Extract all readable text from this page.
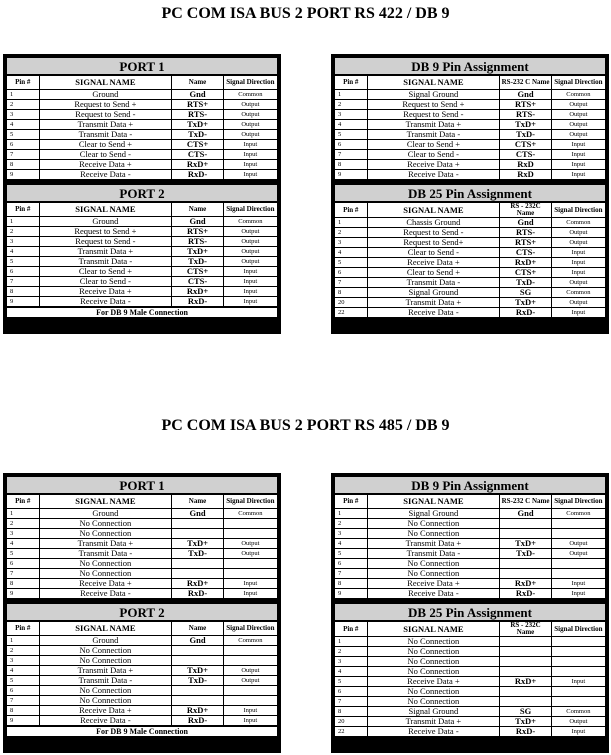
PC COM ISA BUS 2 PORT RS 422 / DB 9
PC COM ISA BUS 2 PORT RS 485 / DB 9
PORT 1
Pin #	SIGNAL NAME	Name	Signal Direction
1	Ground	Gnd	Common
2	Request to Send +	RTS+	Output
3	Request to Send -	RTS-	Output
4	Transmit Data +	TxD+	Output
5	Transmit Data -	TxD-	Output
6	Clear to Send +	CTS+	Input
7	Clear to Send -	CTS-	Input
8	Receive Data +	RxD+	Input
9	Receive Data -	RxD-	Input
PORT 2
Pin #	SIGNAL NAME	Name	Signal Direction
1	Ground	Gnd	Common
2	Request to Send +	RTS+	Output
3	Request to Send -	RTS-	Output
4	Transmit Data +	TxD+	Output
5	Transmit Data -	TxD-	Output
6	Clear to Send +	CTS+	Input
7	Clear to Send -	CTS-	Input
8	Receive Data +	RxD+	Input
9	Receive Data -	RxD-	Input
For DB 9 Male Connection
DB 9 Pin Assignment
Pin #	SIGNAL NAME	RS-232 C Name	Signal Direction
1	Signal Ground	Gnd	Common
2	Request to Send +	RTS+	Output
3	Request to Send -	RTS-	Output
4	Transmit Data +	TxD+	Output
5	Transmit Data -	TxD-	Output
6	Clear to Send +	CTS+	Input
7	Clear to Send -	CTS-	Input
8	Receive Data +	RxD	Input
9	Receive Data -	RxD	Input
DB 25 Pin Assignment
Pin #	SIGNAL NAME	RS - 232C Name	Signal Direction
1	Chassis Ground	Gnd	Common
2	Request to Send -	RTS-	Output
3	Request to Send+	RTS+	Output
4	Clear to Send -	CTS-	Input
5	Receive Data +	RxD+	Input
6	Clear to Send +	CTS+	Input
7	Transmit Data -	TxD-	Output
8	Signal Ground	SG	Common
20	Transmit Data +	TxD+	Output
22	Receive Data -	RxD-	Input
PORT 1
Pin #	SIGNAL NAME	Name	Signal Direction
1	Ground	Gnd	Common
2	No Connection		
3	No Connection		
4	Transmit Data +	TxD+	Output
5	Transmit Data -	TxD-	Output
6	No Connection		
7	No Connection		
8	Receive Data +	RxD+	Input
9	Receive Data -	RxD-	Input
PORT 2
Pin #	SIGNAL NAME	Name	Signal Direction
1	Ground	Gnd	Common
2	No Connection		
3	No Connection		
4	Transmit Data +	TxD+	Output
5	Transmit Data -	TxD-	Output
6	No Connection		
7	No Connection		
8	Receive Data +	RxD+	Input
9	Receive Data -	RxD-	Input
For DB 9 Male Connection
DB 9 Pin Assignment
Pin #	SIGNAL NAME	RS-232 C Name	Signal Direction
1	Signal Ground	Gnd	Common
2	No Connection		
3	No Connection		
4	Transmit Data +	TxD+	Output
5	Transmit Data -	TxD-	Output
6	No Connection		
7	No Connection		
8	Receive Data +	RxD+	Input
9	Receive Data -	RxD-	Input
DB 25 Pin Assignment
Pin #	SIGNAL NAME	RS - 232C Name	Signal Direction
1	No Connection		
2	No Connection		
3	No Connection		
4	No Connection		
5	Receive Data +	RxD+	Input
6	No Connection		
7	No Connection		
8	Signal Ground	SG	Common
20	Transmit Data +	TxD+	Output
22	Receive Data -	RxD-	Input
